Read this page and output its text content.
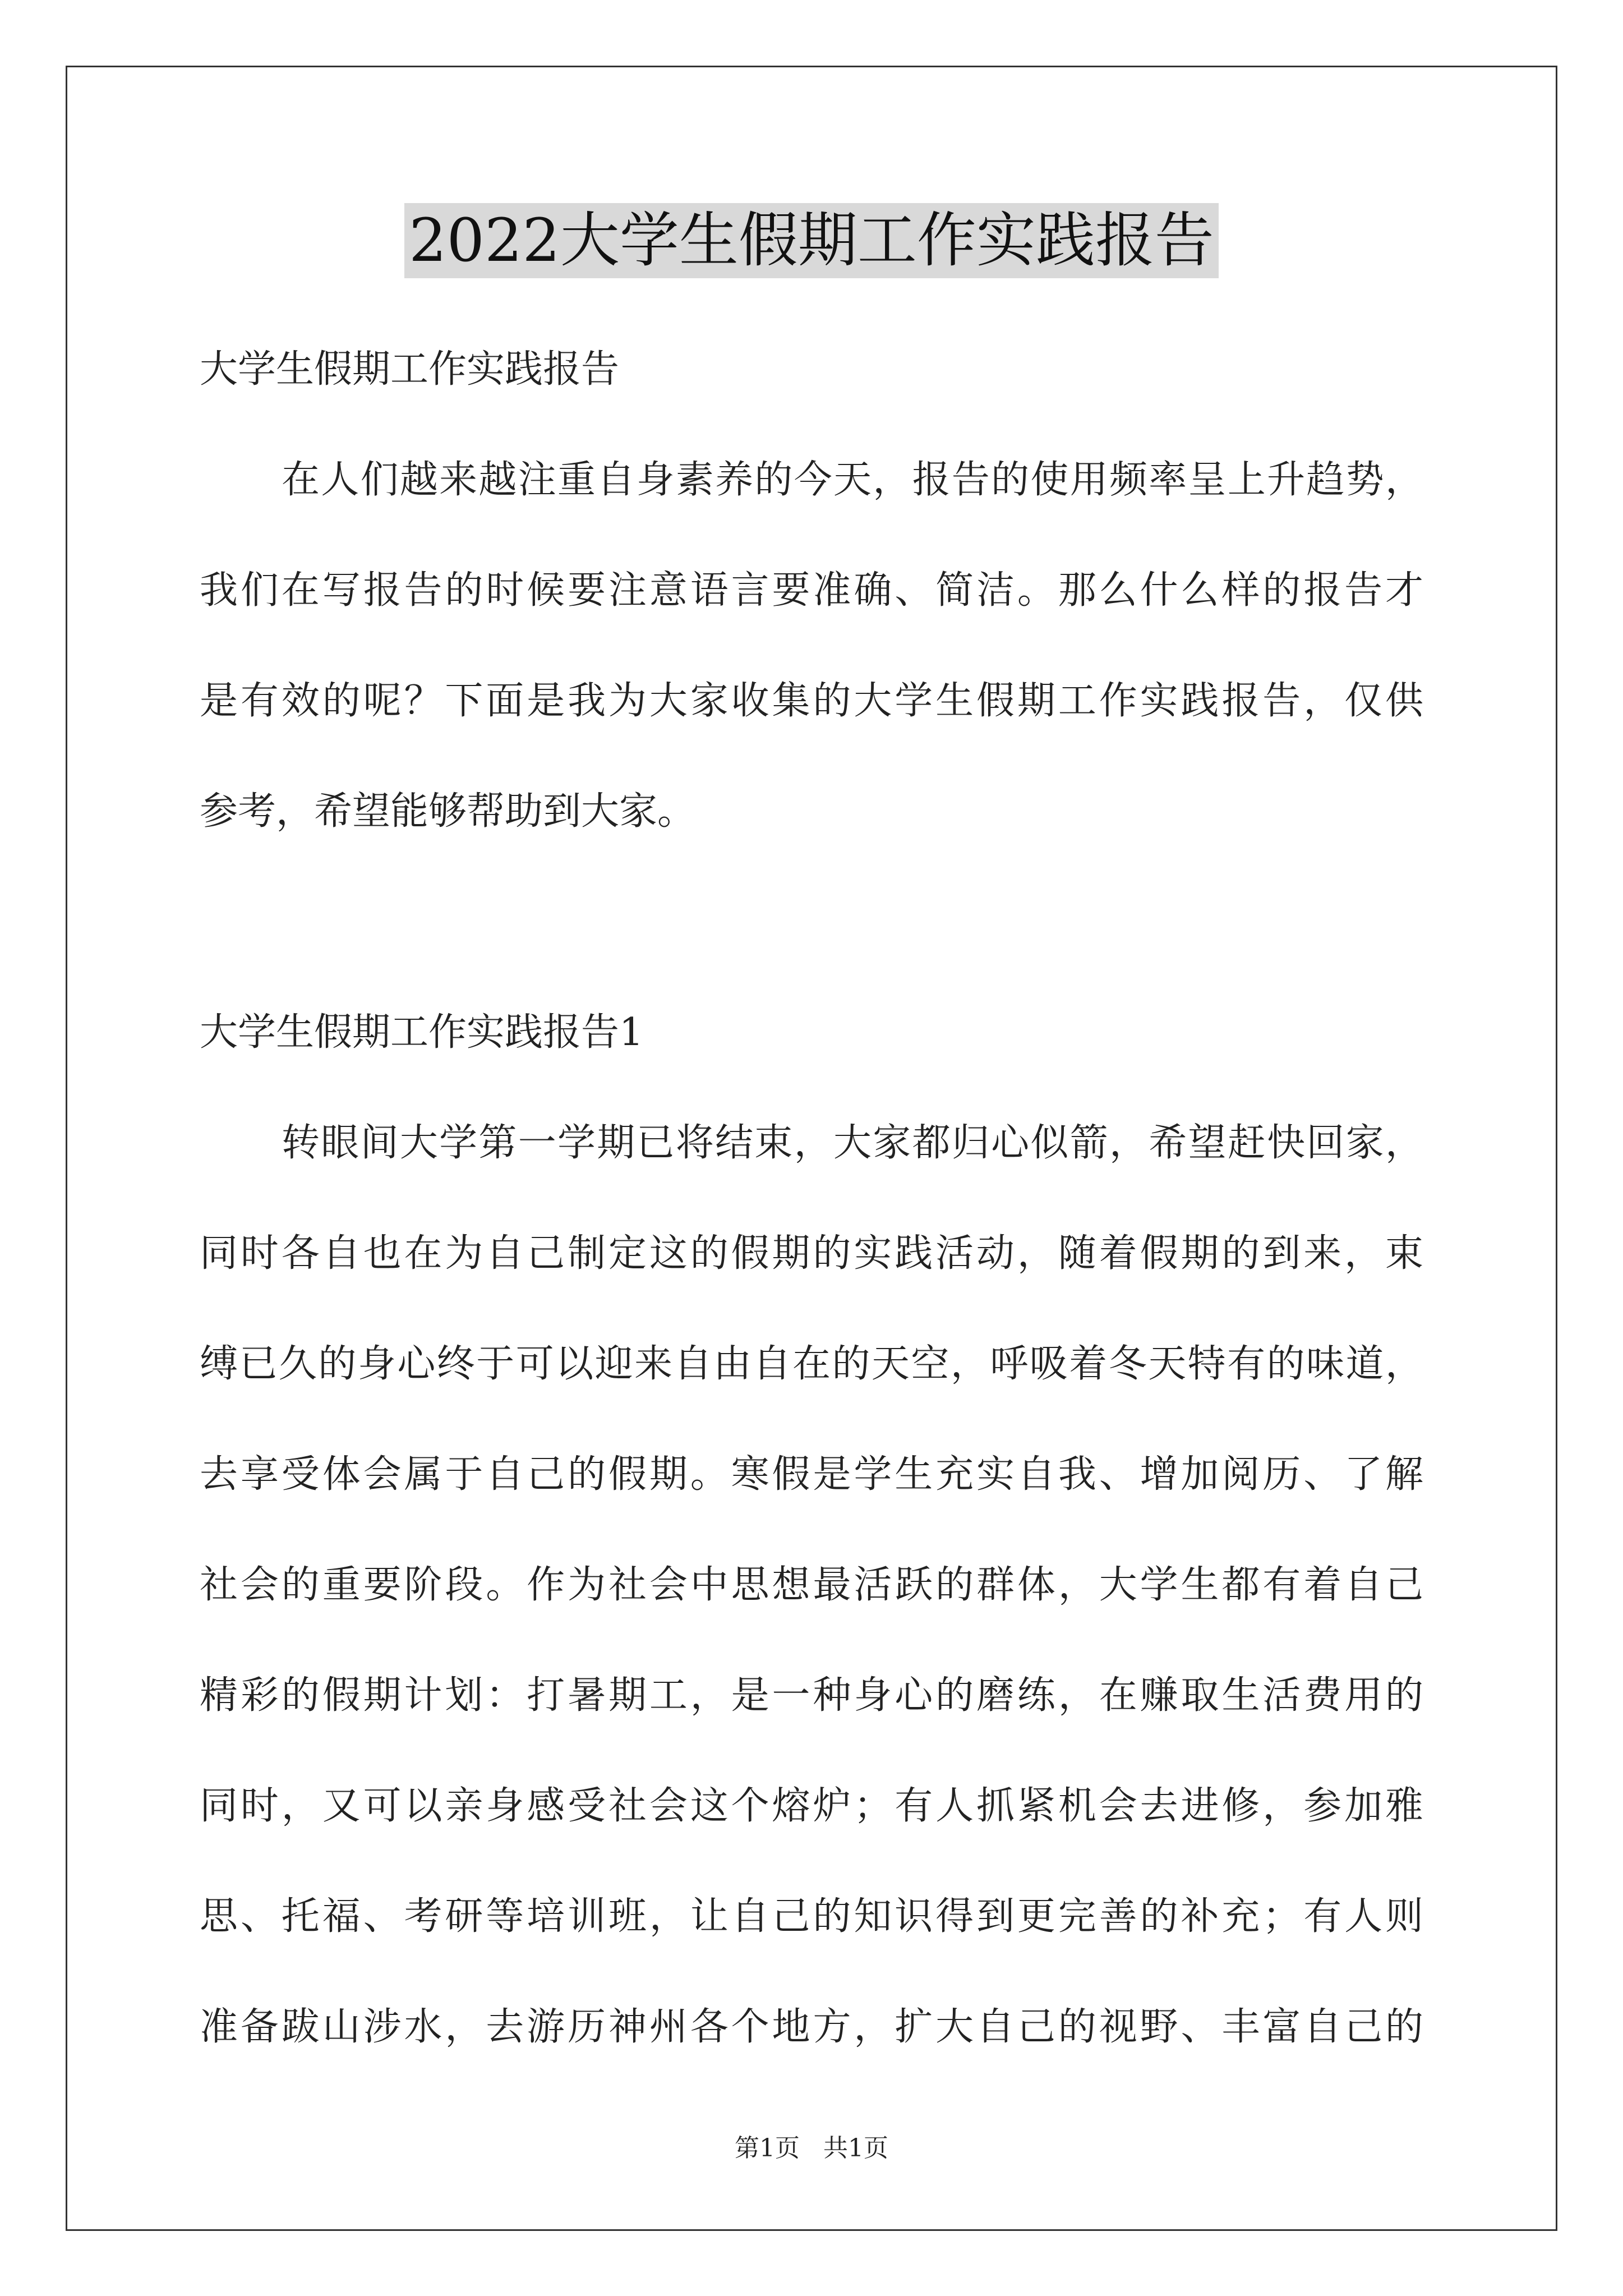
2022大学生假期工作实践报告
大学生假期工作实践报告
在人们越来越注重自身素养的今天，报告的使用频率呈上升趋势，
我们在写报告的时候要注意语言要准确、简洁。那么什么样的报告才
是有效的呢？下面是我为大家收集的大学生假期工作实践报告，仅供
参考，希望能够帮助到大家。
大学生假期工作实践报告1
转眼间大学第一学期已将结束，大家都归心似箭，希望赶快回家，
同时各自也在为自己制定这的假期的实践活动，随着假期的到来，束
缚已久的身心终于可以迎来自由自在的天空，呼吸着冬天特有的味道，
去享受体会属于自己的假期。寒假是学生充实自我、增加阅历、了解
社会的重要阶段。作为社会中思想最活跃的群体，大学生都有着自己
精彩的假期计划：打暑期工，是一种身心的磨练，在赚取生活费用的
同时，又可以亲身感受社会这个熔炉；有人抓紧机会去进修，参加雅
思、托福、考研等培训班，让自己的知识得到更完善的补充；有人则
准备跋山涉水，去游历神州各个地方，扩大自己的视野、丰富自己的
第1页   共1页
